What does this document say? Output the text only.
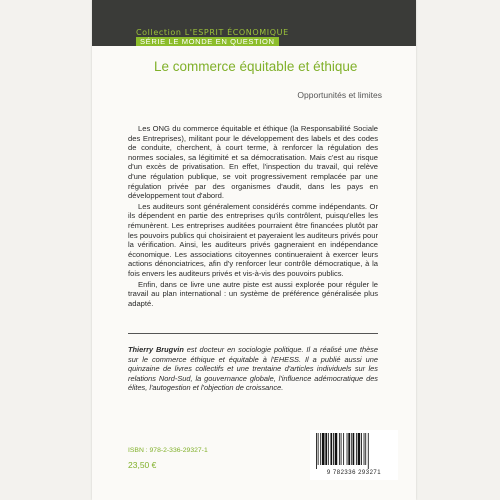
Collection L'ESPRIT ÉCONOMIQUE
SÉRIE LE MONDE EN QUESTION
Le commerce équitable et éthique
Opportunités et limites

Les ONG du commerce équitable et éthique (la Responsabilité Sociale des Entreprises), militant pour le développement des labels et des codes de conduite, cherchent, à court terme, à renforcer la régulation des normes sociales, sa légitimité et sa démocratisation. Mais c'est au risque d'un excès de privatisation. En effet, l'inspection du travail, qui relève d'une régulation publique, se voit progressivement remplacée par une régulation privée par des organismes d'audit, dans les pays en développement tout d'abord.

Les auditeurs sont généralement considérés comme indépendants. Or ils dépendent en partie des entreprises qu'ils contrôlent, puisqu'elles les rémunèrent. Les entreprises auditées pourraient être financées plutôt par les pouvoirs publics qui choisiraient et payeraient les auditeurs privés pour la vérification. Ainsi, les auditeurs privés gagneraient en indépendance économique. Les associations citoyennes continueraient à exercer leurs actions dénonciatrices, afin d'y renforcer leur contrôle démocratique, à la fois envers les auditeurs privés et vis-à-vis des pouvoirs publics.

Enfin, dans ce livre une autre piste est aussi explorée pour réguler le travail au plan international : un système de préférence généralisée plus adapté.

Thierry Brugvin est docteur en sociologie politique. Il a réalisé une thèse sur le commerce éthique et équitable à l'EHESS. Il a publié aussi une quinzaine de livres collectifs et une trentaine d'articles individuels sur les relations Nord-Sud, la gouvernance globale, l'influence adémocratique des élites, l'autogestion et l'objection de croissance.
ISBN : 978-2-336-29327-1
23,50 €
9 782336 293271
